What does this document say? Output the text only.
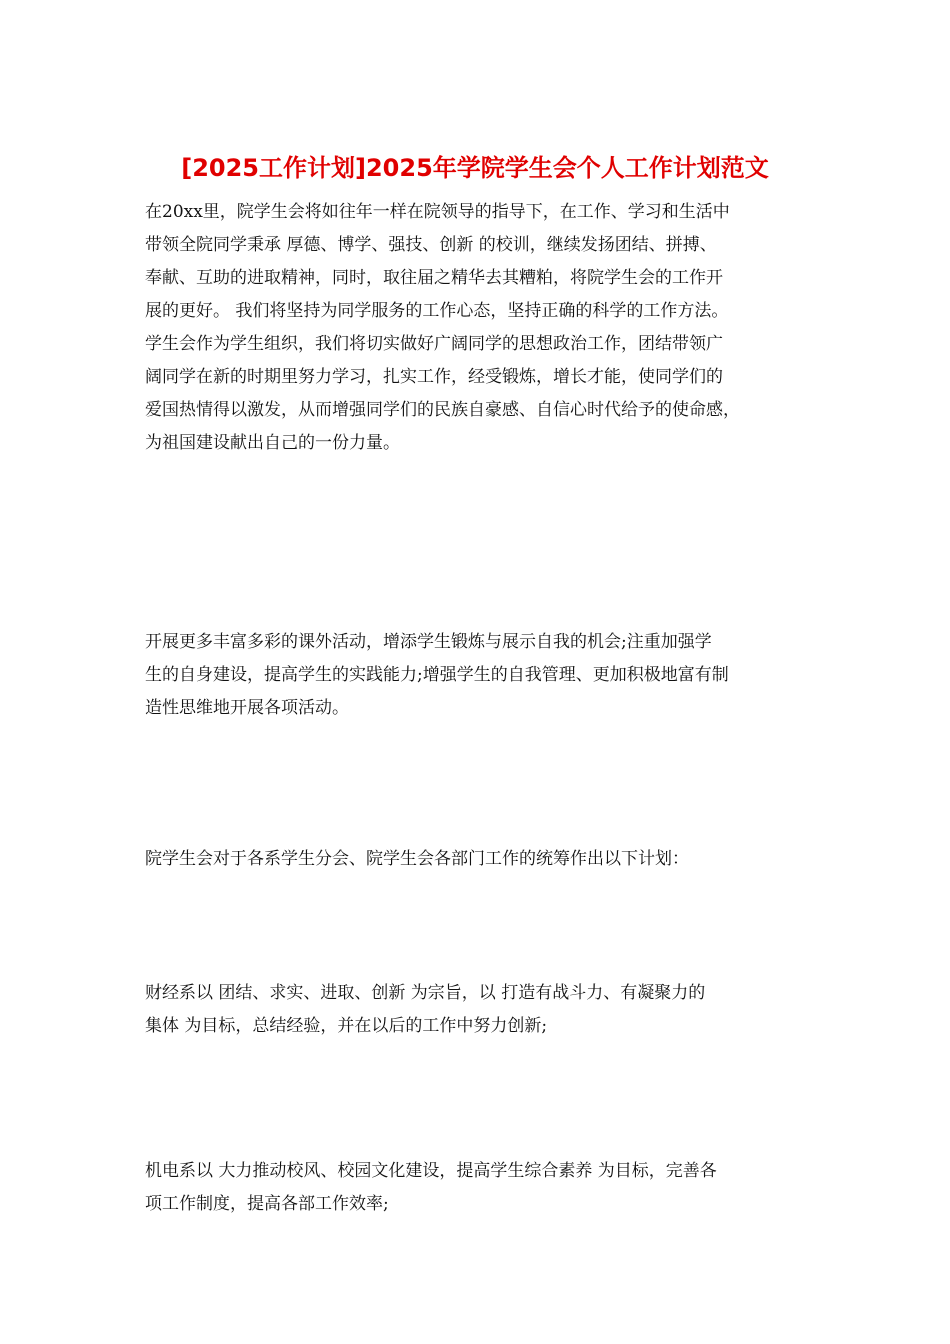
[2025工作计划]2025年学院学生会个人工作计划范文
在20xx里，院学生会将如往年一样在院领导的指导下，在工作、学习和生活中
带领全院同学秉承 厚德、博学、强技、创新 的校训，继续发扬团结、拼搏、
奉献、互助的进取精神，同时，取往届之精华去其糟粕，将院学生会的工作开
展的更好。 我们将坚持为同学服务的工作心态，坚持正确的科学的工作方法。
学生会作为学生组织，我们将切实做好广阔同学的思想政治工作，团结带领广
阔同学在新的时期里努力学习，扎实工作，经受锻炼，增长才能，使同学们的
爱国热情得以激发，从而增强同学们的民族自豪感、自信心时代给予的使命感，
为祖国建设献出自己的一份力量。
开展更多丰富多彩的课外活动，增添学生锻炼与展示自我的机会;注重加强学
生的自身建设，提高学生的实践能力;增强学生的自我管理、更加积极地富有制
造性思维地开展各项活动。
院学生会对于各系学生分会、院学生会各部门工作的统筹作出以下计划：
财经系以 团结、求实、进取、创新 为宗旨，以 打造有战斗力、有凝聚力的
集体 为目标，总结经验，并在以后的工作中努力创新;
机电系以 大力推动校风、校园文化建设，提高学生综合素养 为目标，完善各
项工作制度，提高各部工作效率;
